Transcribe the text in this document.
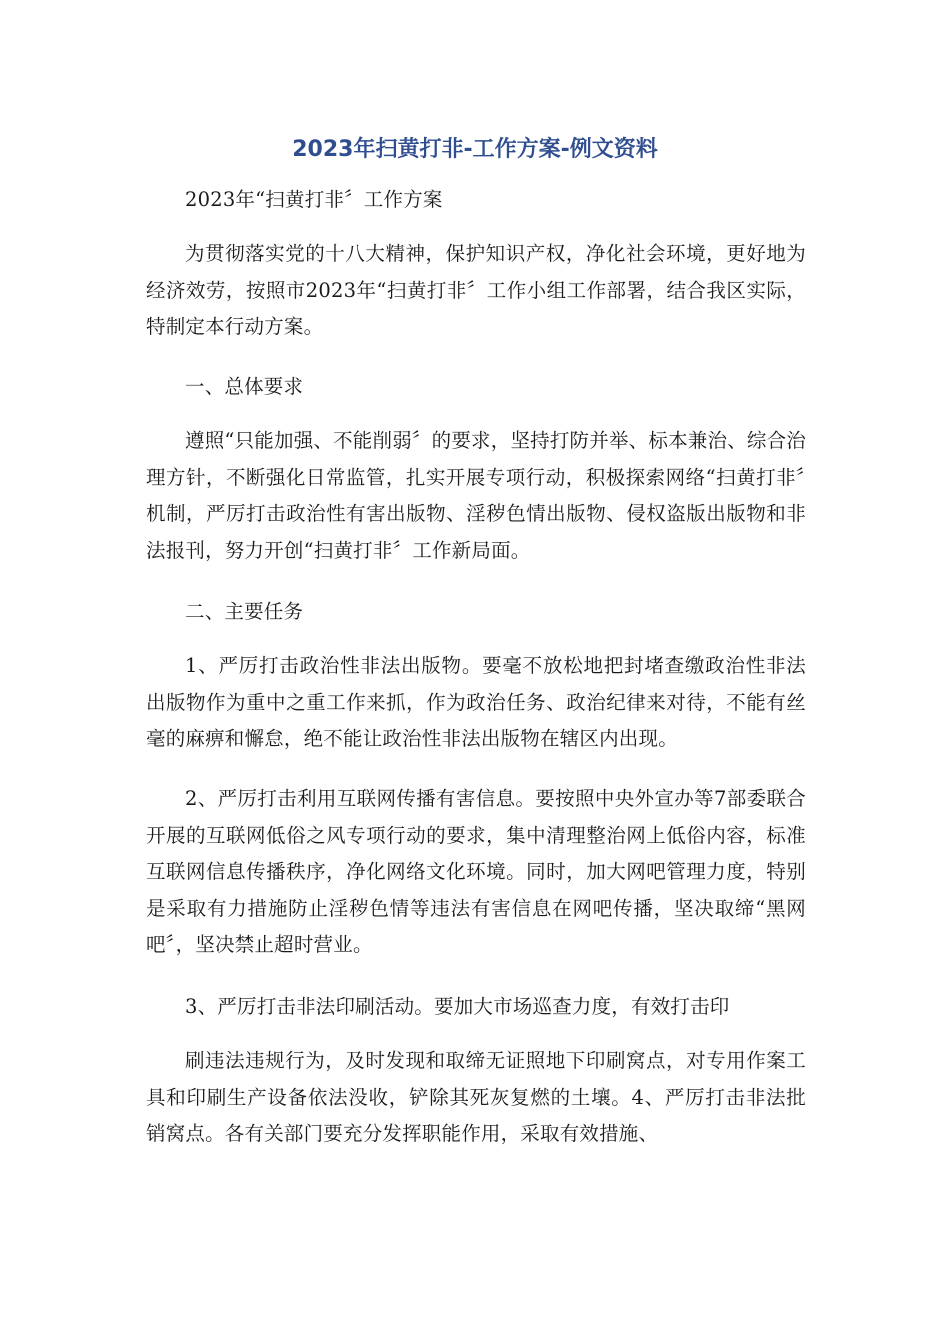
2023年扫黄打非-工作方案-例文资料

2023年“扫黄打非〞工作方案

为贯彻落实党的十八大精神，保护知识产权，净化社会环境，更好地为经济效劳，按照市2023年“扫黄打非〞工作小组工作部署，结合我区实际，特制定本行动方案。

一、总体要求

遵照“只能加强、不能削弱〞的要求，坚持打防并举、标本兼治、综合治理方针，不断强化日常监管，扎实开展专项行动，积极探索网络“扫黄打非〞机制，严厉打击政治性有害出版物、淫秽色情出版物、侵权盗版出版物和非法报刊，努力开创“扫黄打非〞工作新局面。

二、主要任务

1、严厉打击政治性非法出版物。要毫不放松地把封堵查缴政治性非法出版物作为重中之重工作来抓，作为政治任务、政治纪律来对待，不能有丝毫的麻痹和懈怠，绝不能让政治性非法出版物在辖区内出现。

2、严厉打击利用互联网传播有害信息。要按照中央外宣办等7部委联合开展的互联网低俗之风专项行动的要求，集中清理整治网上低俗内容，标准互联网信息传播秩序，净化网络文化环境。同时，加大网吧管理力度，特别是采取有力措施防止淫秽色情等违法有害信息在网吧传播，坚决取缔“黑网吧〞，坚决禁止超时营业。

3、严厉打击非法印刷活动。要加大市场巡查力度，有效打击印

刷违法违规行为，及时发现和取缔无证照地下印刷窝点，对专用作案工具和印刷生产设备依法没收，铲除其死灰复燃的土壤。4、严厉打击非法批销窝点。各有关部门要充分发挥职能作用，采取有效措施、
